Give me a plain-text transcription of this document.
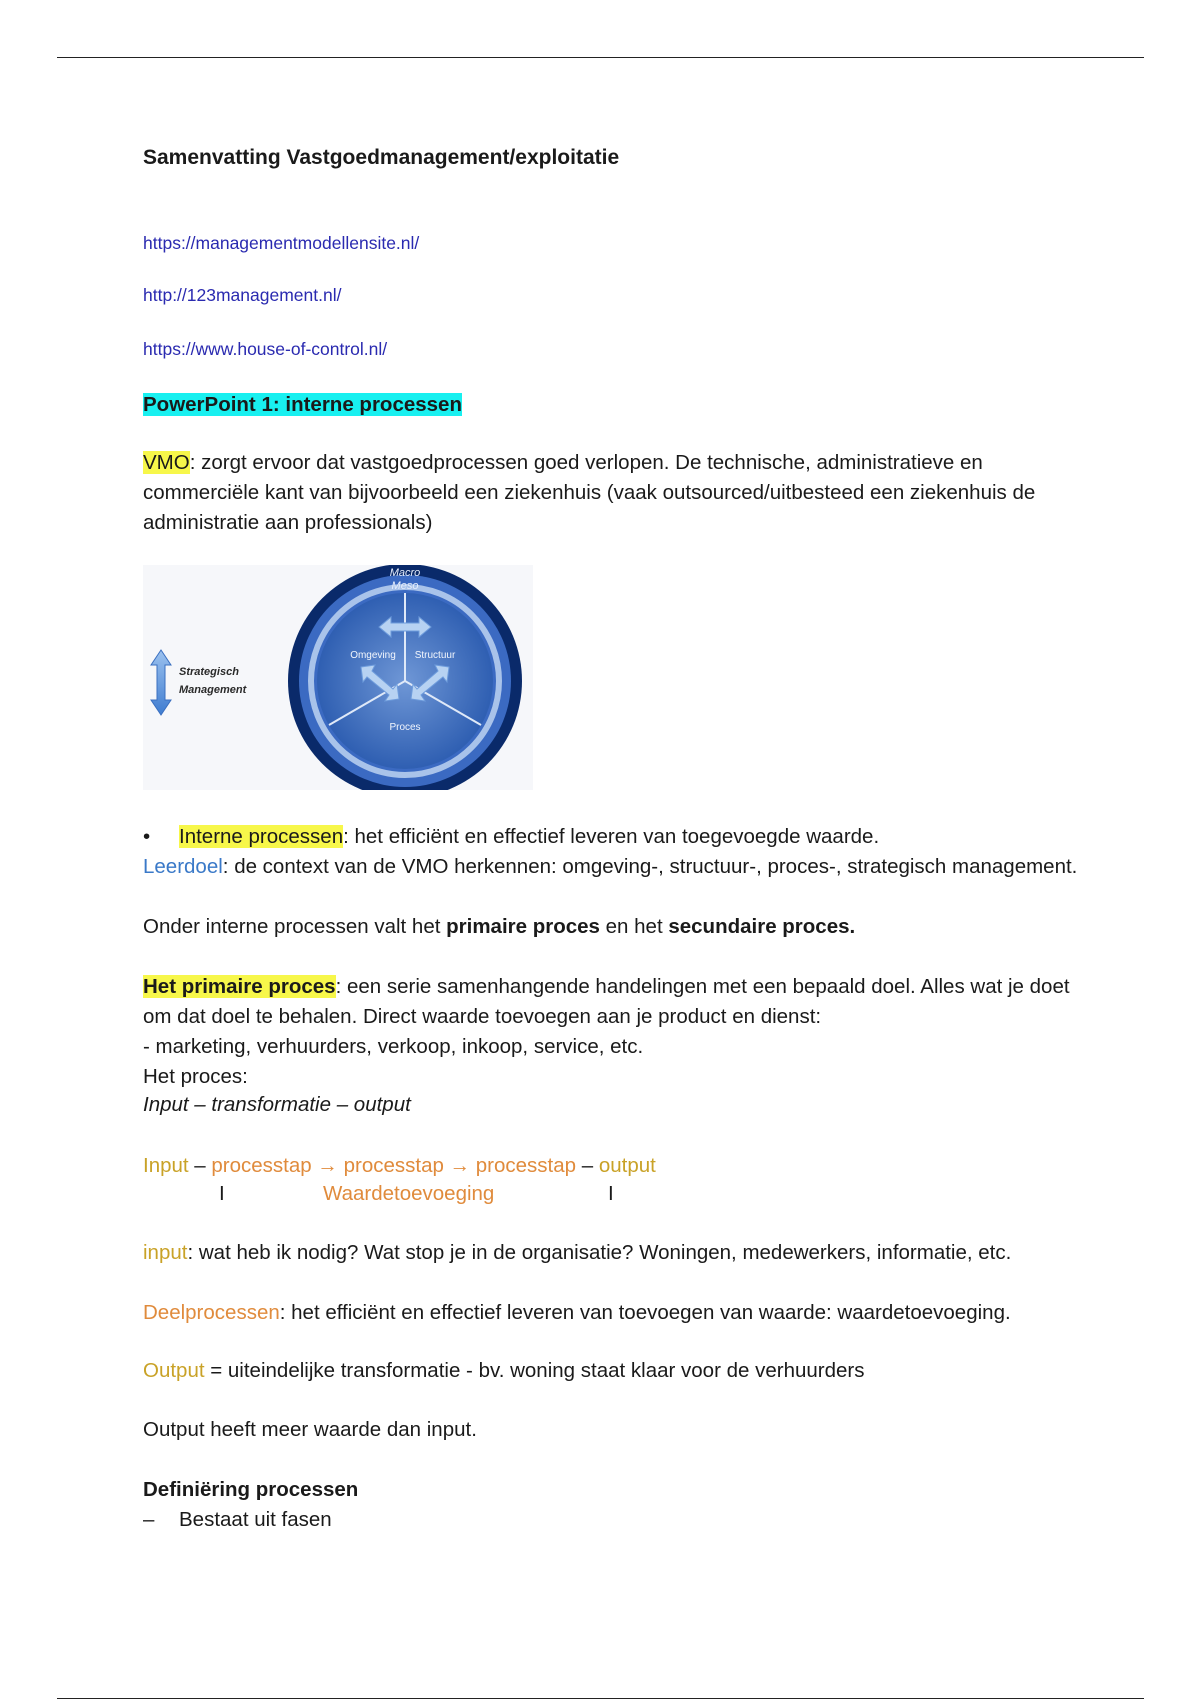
Samenvatting Vastgoedmanagement/exploitatie
https://managementmodellensite.nl/
http://123management.nl/
https://www.house-of-control.nl/
PowerPoint 1: interne processen
VMO: zorgt ervoor dat vastgoedprocessen goed verlopen. De technische, administratieve en commerciële kant van bijvoorbeeld een ziekenhuis (vaak outsourced/uitbesteed een ziekenhuis de administratie aan professionals)
• Interne processen: het efficiënt en effectief leveren van toegevoegde waarde.
Leerdoel: de context van de VMO herkennen: omgeving-, structuur-, proces-, strategisch management.
Onder interne processen valt het primaire proces en het secundaire proces.
Het primaire proces: een serie samenhangende handelingen met een bepaald doel. Alles wat je doet om dat doel te behalen. Direct waarde toevoegen aan je product en dienst:
- marketing, verhuurders, verkoop, inkoop, service, etc.
Het proces:
Input – transformatie – output
Input – processtap → processtap → processtap – output
I	Waardetoevoeging	I
input: wat heb ik nodig? Wat stop je in de organisatie? Woningen, medewerkers, informatie, etc.
Deelprocessen: het efficiënt en effectief leveren van toevoegen van waarde: waardetoevoeging.
Output = uiteindelijke transformatie - bv. woning staat klaar voor de verhuurders
Output heeft meer waarde dan input.
Definiëring processen
– Bestaat uit fasen
Strategisch
Management
Macro
Meso
Omgeving Structuur
Proces
